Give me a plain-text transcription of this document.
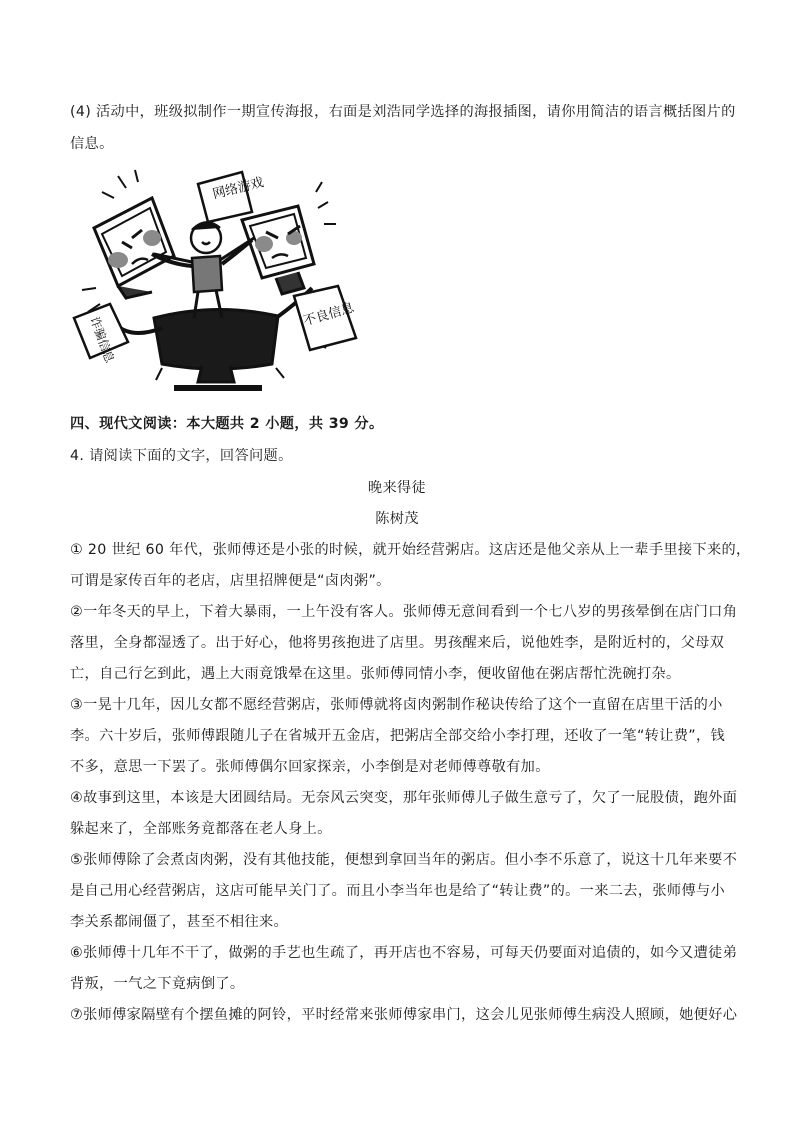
(4) 活动中，班级拟制作一期宣传海报，右面是刘浩同学选择的海报插图，请你用简洁的语言概括图片的
信息。
网络游戏
不良信息
诈骗信息
四、现代文阅读：本大题共 2 小题，共 39 分。
4. 请阅读下面的文字，回答问题。
晚来得徒
陈树茂
① 20 世纪 60 年代，张师傅还是小张的时候，就开始经营粥店。这店还是他父亲从上一辈手里接下来的，
可谓是家传百年的老店，店里招牌便是“卤肉粥”。
②一年冬天的早上，下着大暴雨，一上午没有客人。张师傅无意间看到一个七八岁的男孩晕倒在店门口角
落里，全身都湿透了。出于好心，他将男孩抱进了店里。男孩醒来后，说他姓李，是附近村的，父母双
亡，自己行乞到此，遇上大雨竟饿晕在这里。张师傅同情小李，便收留他在粥店帮忙洗碗打杂。
③一晃十几年，因儿女都不愿经营粥店，张师傅就将卤肉粥制作秘诀传给了这个一直留在店里干活的小
李。六十岁后，张师傅跟随儿子在省城开五金店，把粥店全部交给小李打理，还收了一笔“转让费”，钱
不多，意思一下罢了。张师傅偶尔回家探亲，小李倒是对老师傅尊敬有加。
④故事到这里，本该是大团圆结局。无奈风云突变，那年张师傅儿子做生意亏了，欠了一屁股债，跑外面
躲起来了，全部账务竟都落在老人身上。
⑤张师傅除了会煮卤肉粥，没有其他技能，便想到拿回当年的粥店。但小李不乐意了，说这十几年来要不
是自己用心经营粥店，这店可能早关门了。而且小李当年也是给了“转让费”的。一来二去，张师傅与小
李关系都闹僵了，甚至不相往来。
⑥张师傅十几年不干了，做粥的手艺也生疏了，再开店也不容易，可每天仍要面对追债的，如今又遭徒弟
背叛，一气之下竟病倒了。
⑦张师傅家隔壁有个摆鱼摊的阿铃，平时经常来张师傅家串门，这会儿见张师傅生病没人照顾，她便好心
